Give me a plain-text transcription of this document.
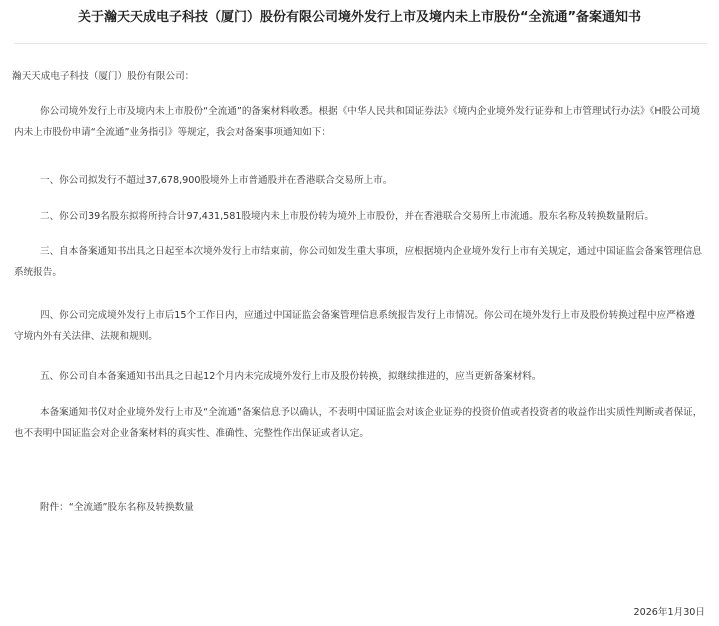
关于瀚天天成电子科技（厦门）股份有限公司境外发行上市及境内未上市股份“全流通”备案通知书
瀚天天成电子科技（厦门）股份有限公司：
你公司境外发行上市及境内未上市股份“全流通”的备案材料收悉。根据《中华人民共和国证券法》《境内企业境外发行证券和上市管理试行办法》《H股公司境内未上市股份申请“全流通”业务指引》等规定，我会对备案事项通知如下：
一、你公司拟发行不超过37,678,900股境外上市普通股并在香港联合交易所上市。
二、你公司39名股东拟将所持合计97,431,581股境内未上市股份转为境外上市股份，并在香港联合交易所上市流通。股东名称及转换数量附后。
三、自本备案通知书出具之日起至本次境外发行上市结束前，你公司如发生重大事项，应根据境内企业境外发行上市有关规定，通过中国证监会备案管理信息系统报告。
四、你公司完成境外发行上市后15个工作日内，应通过中国证监会备案管理信息系统报告发行上市情况。你公司在境外发行上市及股份转换过程中应严格遵守境内外有关法律、法规和规则。
五、你公司自本备案通知书出具之日起12个月内未完成境外发行上市及股份转换，拟继续推进的，应当更新备案材料。
本备案通知书仅对企业境外发行上市及“全流通”备案信息予以确认，不表明中国证监会对该企业证券的投资价值或者投资者的收益作出实质性判断或者保证，也不表明中国证监会对企业备案材料的真实性、准确性、完整性作出保证或者认定。
附件：“全流通”股东名称及转换数量
2026年1月30日
